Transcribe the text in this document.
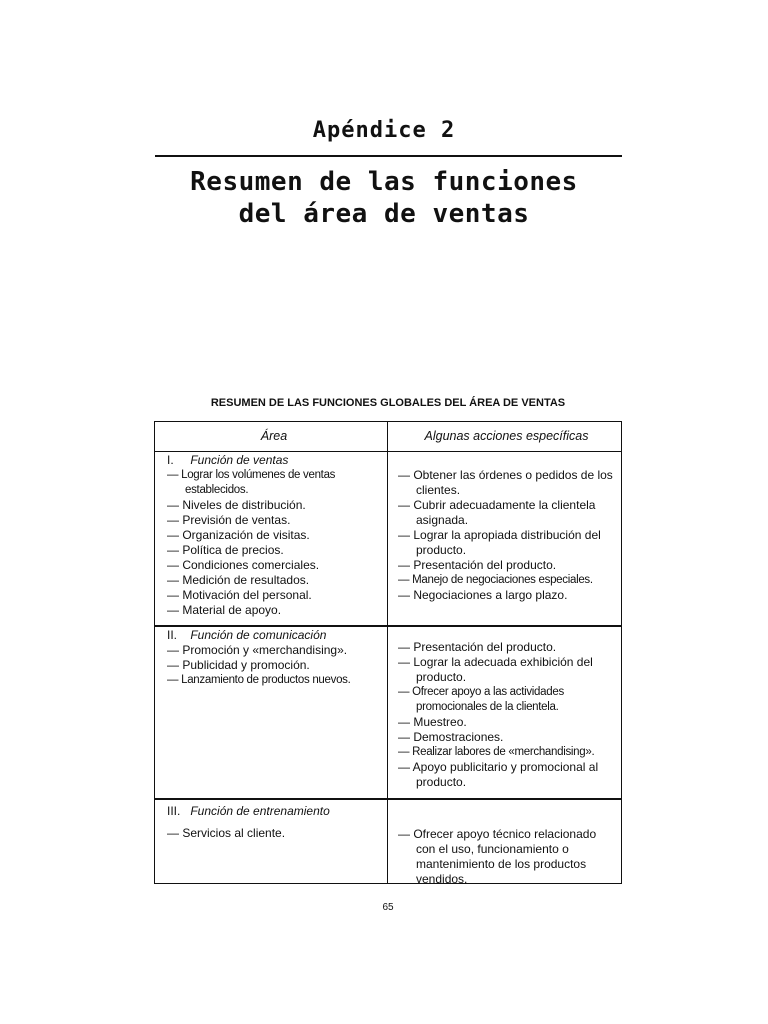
Apéndice 2
Resumen de las funciones
del área de ventas
RESUMEN DE LAS FUNCIONES GLOBALES DEL ÁREA DE VENTAS
Área	Algunas acciones específicas
I. Función de ventas
— Lograr los volúmenes de ventas establecidos.
— Niveles de distribución.
— Previsión de ventas.
— Organización de visitas.
— Política de precios.
— Condiciones comerciales.
— Medición de resultados.
— Motivación del personal.
— Material de apoyo.
— Obtener las órdenes o pedidos de los clientes.
— Cubrir adecuadamente la clientela asignada.
— Lograr la apropiada distribución del producto.
— Presentación del producto.
— Manejo de negociaciones especiales.
— Negociaciones a largo plazo.
II. Función de comunicación
— Promoción y «merchandising».
— Publicidad y promoción.
— Lanzamiento de productos nuevos.
— Presentación del producto.
— Lograr la adecuada exhibición del producto.
— Ofrecer apoyo a las actividades promocionales de la clientela.
— Muestreo.
— Demostraciones.
— Realizar labores de «merchandising».
— Apoyo publicitario y promocional al producto.
III. Función de entrenamiento
— Servicios al cliente.
—	Ofrecer apoyo técnico relacionado con el uso, funcionamiento o mantenimiento de los productos vendidos.
65
